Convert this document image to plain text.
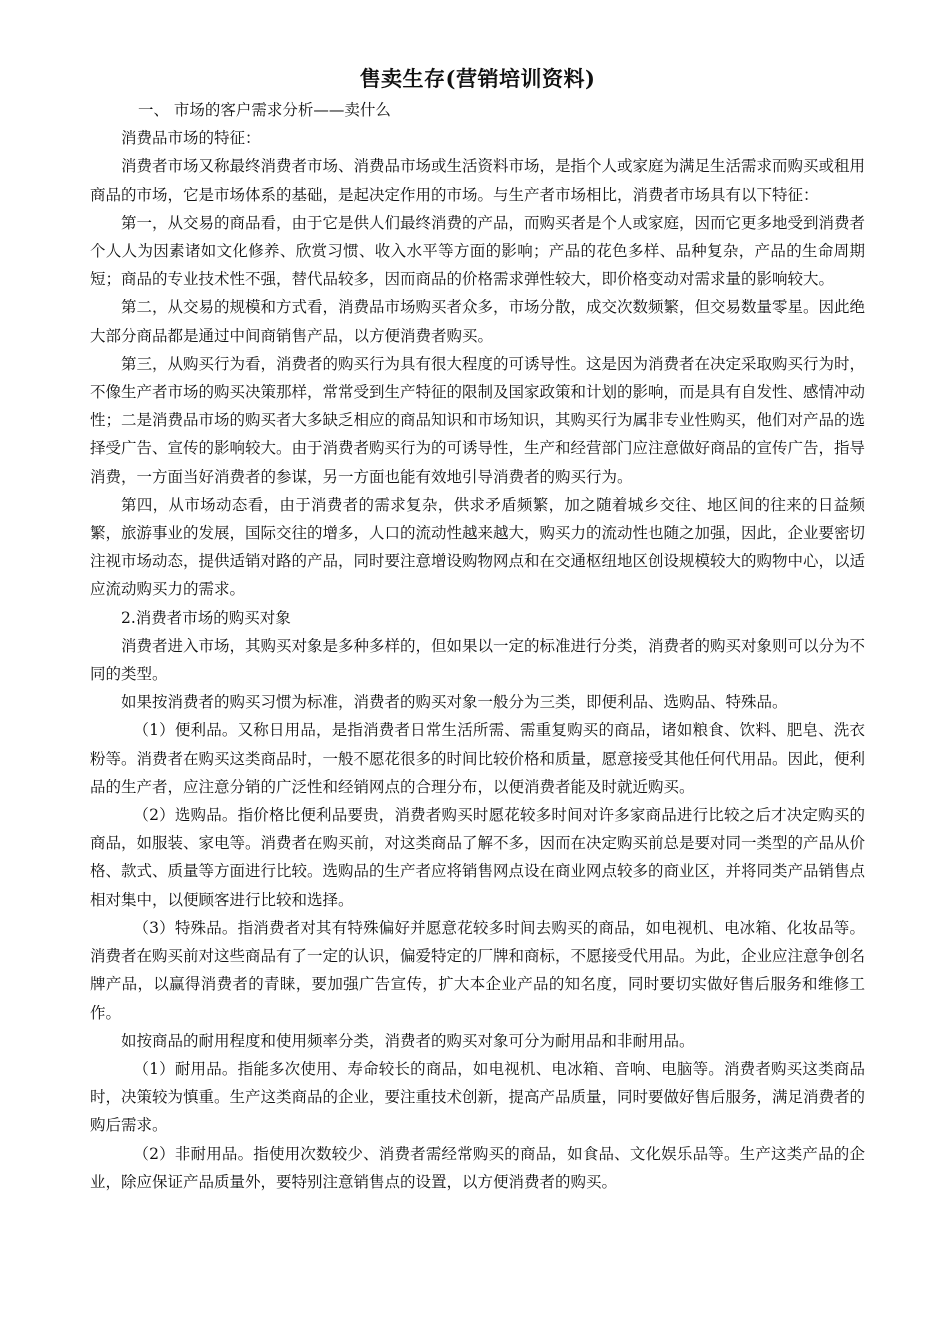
售卖生存(营销培训资料)
一、 市场的客户需求分析——卖什么
消费品市场的特征：
消费者市场又称最终消费者市场、消费品市场或生活资料市场，是指个人或家庭为满足生活需求而购买或租用商品的市场，它是市场体系的基础，是起决定作用的市场。与生产者市场相比，消费者市场具有以下特征：
第一，从交易的商品看，由于它是供人们最终消费的产品，而购买者是个人或家庭，因而它更多地受到消费者个人人为因素诸如文化修养、欣赏习惯、收入水平等方面的影响；产品的花色多样、品种复杂，产品的生命周期短；商品的专业技术性不强，替代品较多，因而商品的价格需求弹性较大，即价格变动对需求量的影响较大。
第二，从交易的规模和方式看，消费品市场购买者众多，市场分散，成交次数频繁，但交易数量零星。因此绝大部分商品都是通过中间商销售产品，以方便消费者购买。
第三，从购买行为看，消费者的购买行为具有很大程度的可诱导性。这是因为消费者在决定采取购买行为时，不像生产者市场的购买决策那样，常常受到生产特征的限制及国家政策和计划的影响，而是具有自发性、感情冲动性；二是消费品市场的购买者大多缺乏相应的商品知识和市场知识，其购买行为属非专业性购买，他们对产品的选择受广告、宣传的影响较大。由于消费者购买行为的可诱导性，生产和经营部门应注意做好商品的宣传广告，指导消费，一方面当好消费者的参谋，另一方面也能有效地引导消费者的购买行为。
第四，从市场动态看，由于消费者的需求复杂，供求矛盾频繁，加之随着城乡交往、地区间的往来的日益频繁，旅游事业的发展，国际交往的增多，人口的流动性越来越大，购买力的流动性也随之加强，因此，企业要密切注视市场动态，提供适销对路的产品，同时要注意增设购物网点和在交通枢纽地区创设规模较大的购物中心，以适应流动购买力的需求。
2.消费者市场的购买对象
消费者进入市场，其购买对象是多种多样的，但如果以一定的标准进行分类，消费者的购买对象则可以分为不同的类型。
如果按消费者的购买习惯为标准，消费者的购买对象一般分为三类，即便利品、选购品、特殊品。
（1）便利品。又称日用品，是指消费者日常生活所需、需重复购买的商品，诸如粮食、饮料、肥皂、洗衣粉等。消费者在购买这类商品时，一般不愿花很多的时间比较价格和质量，愿意接受其他任何代用品。因此，便利品的生产者，应注意分销的广泛性和经销网点的合理分布，以便消费者能及时就近购买。
（2）选购品。指价格比便利品要贵，消费者购买时愿花较多时间对许多家商品进行比较之后才决定购买的商品，如服装、家电等。消费者在购买前，对这类商品了解不多，因而在决定购买前总是要对同一类型的产品从价格、款式、质量等方面进行比较。选购品的生产者应将销售网点设在商业网点较多的商业区，并将同类产品销售点相对集中，以便顾客进行比较和选择。
（3）特殊品。指消费者对其有特殊偏好并愿意花较多时间去购买的商品，如电视机、电冰箱、化妆品等。消费者在购买前对这些商品有了一定的认识，偏爱特定的厂牌和商标，不愿接受代用品。为此，企业应注意争创名牌产品，以赢得消费者的青睐，要加强广告宣传，扩大本企业产品的知名度，同时要切实做好售后服务和维修工作。
如按商品的耐用程度和使用频率分类，消费者的购买对象可分为耐用品和非耐用品。
（1）耐用品。指能多次使用、寿命较长的商品，如电视机、电冰箱、音响、电脑等。消费者购买这类商品时，决策较为慎重。生产这类商品的企业，要注重技术创新，提高产品质量，同时要做好售后服务，满足消费者的购后需求。
（2）非耐用品。指使用次数较少、消费者需经常购买的商品，如食品、文化娱乐品等。生产这类产品的企业，除应保证产品质量外，要特别注意销售点的设置，以方便消费者的购买。
